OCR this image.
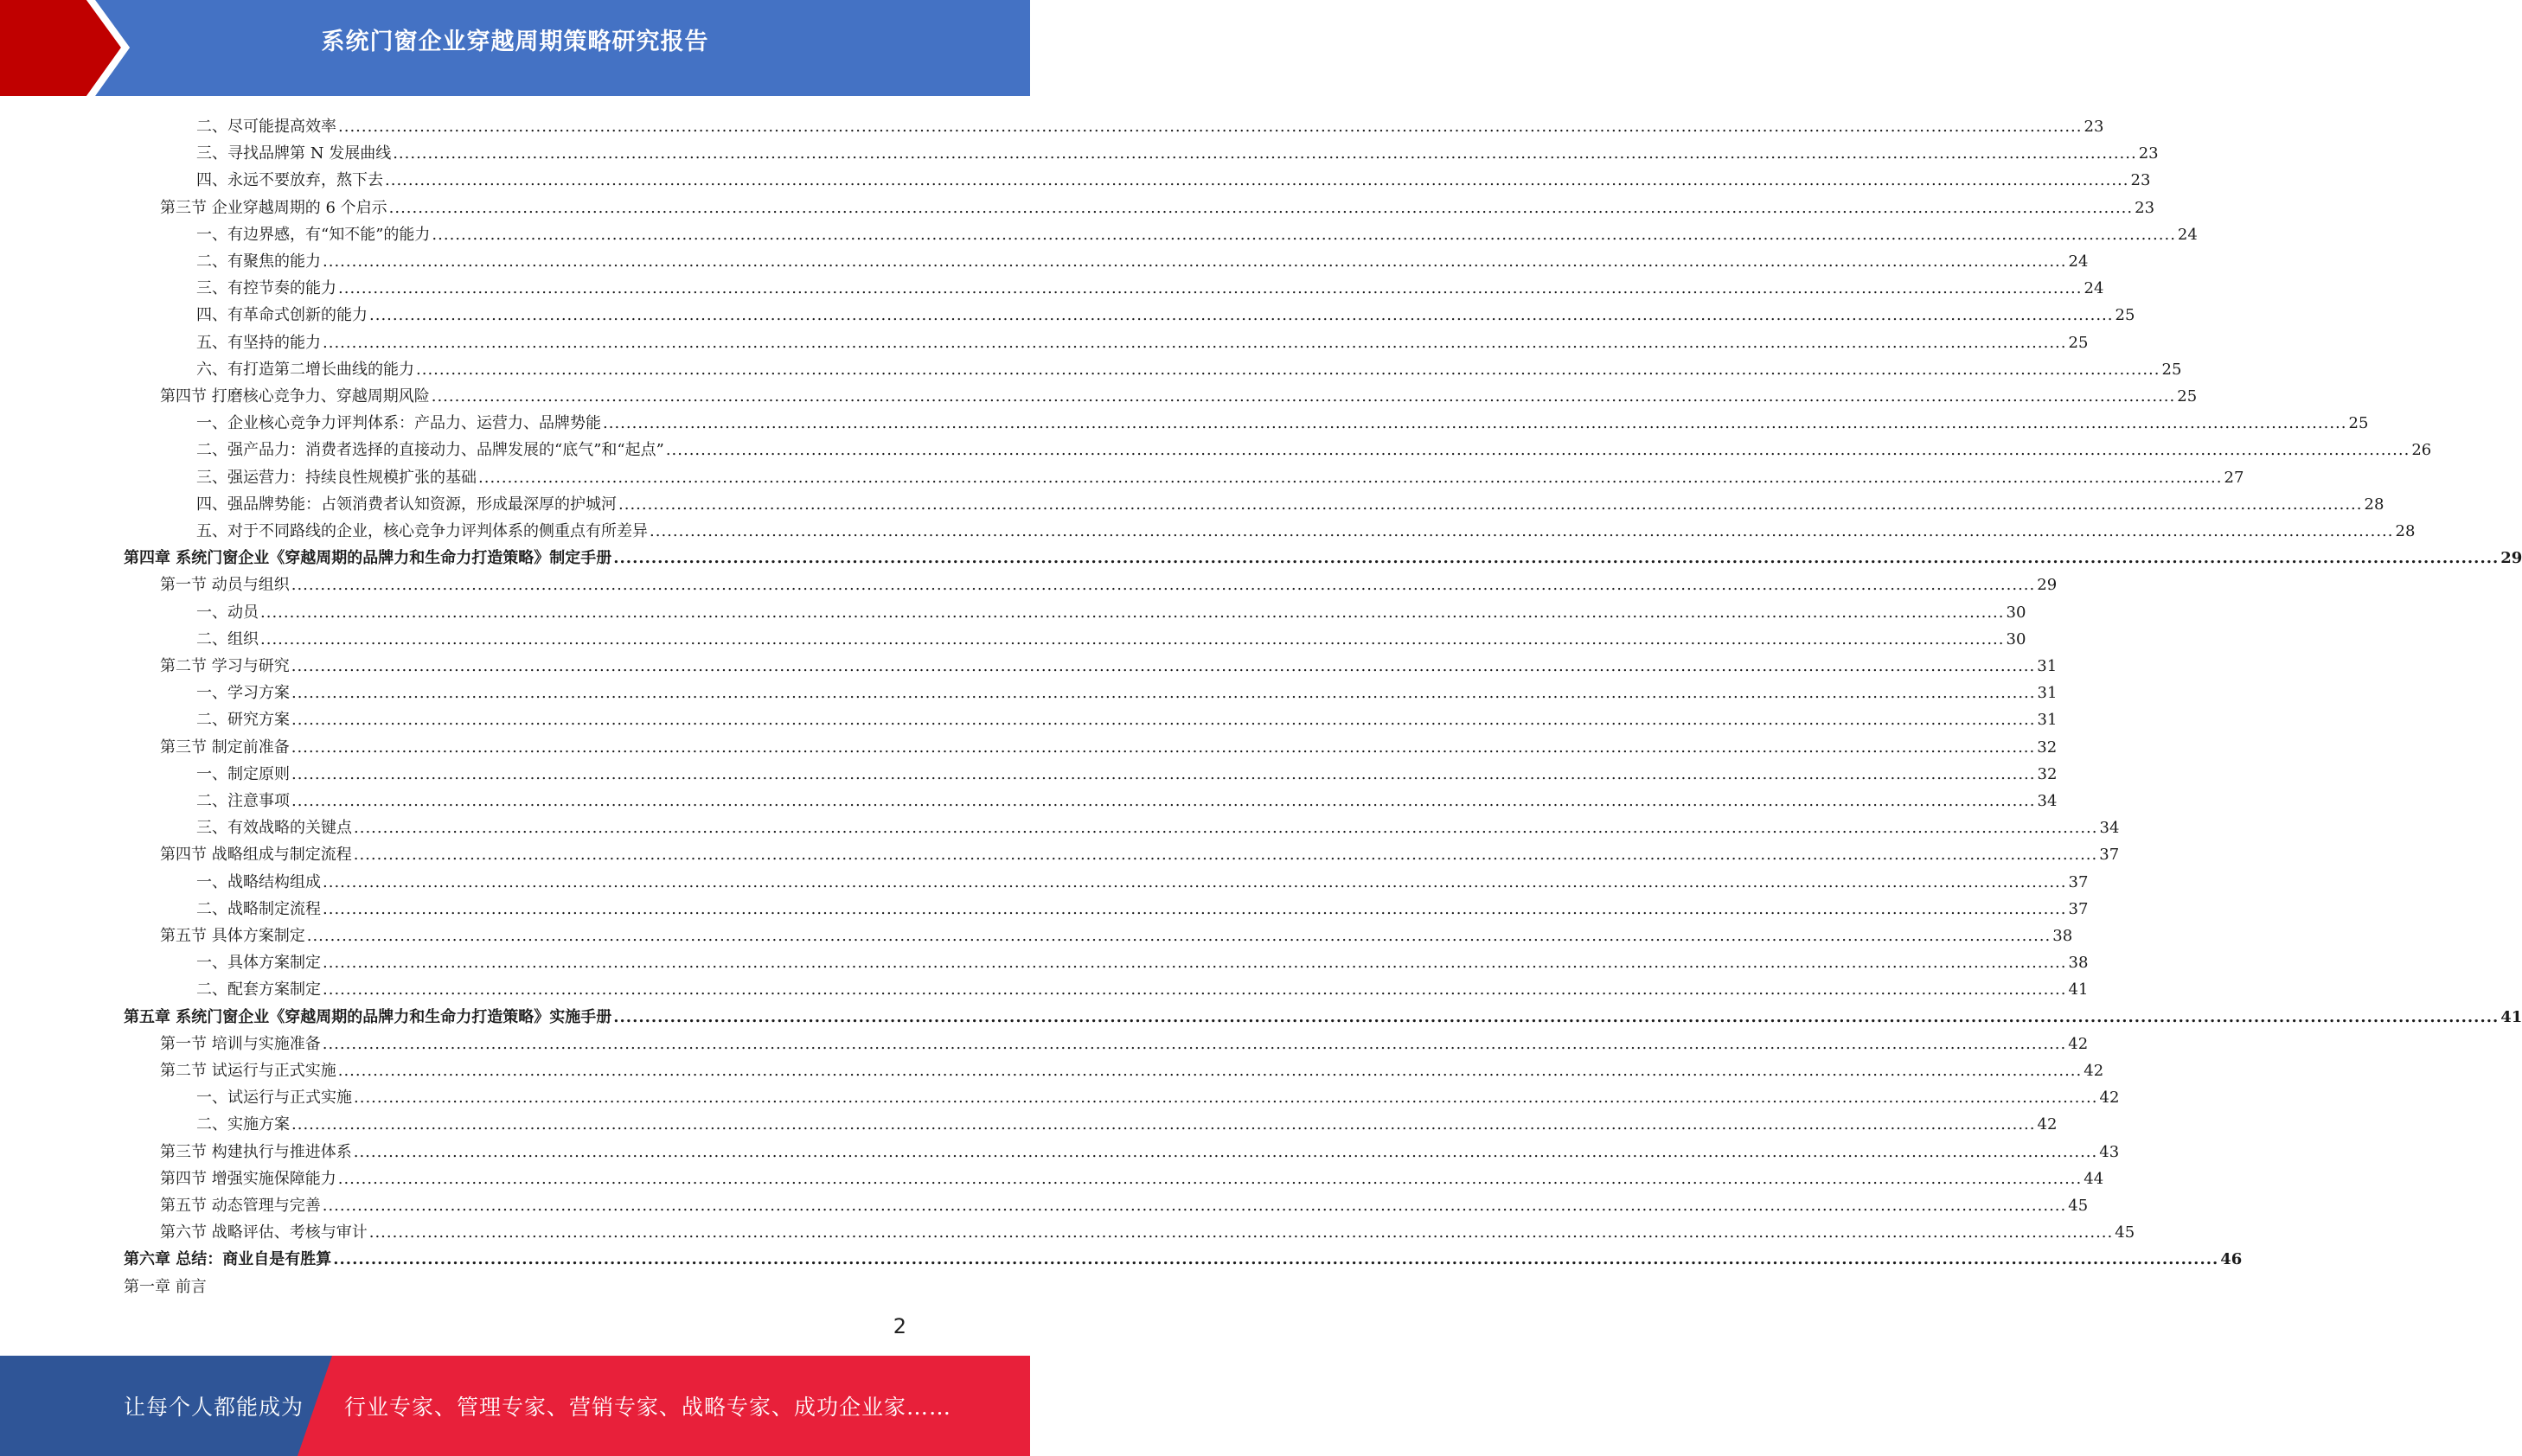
系统门窗企业穿越周期策略研究报告
二、尽可能提高效率 ............................................................................................................................................................................................................................................................................................................ 23
三、寻找品牌第 N 发展曲线 ............................................................................................................................................................................................................................................................................................................ 23
四、永远不要放弃，熬下去 ............................................................................................................................................................................................................................................................................................................ 23
第三节 企业穿越周期的 6 个启示 ............................................................................................................................................................................................................................................................................................................ 23
一、有边界感，有“知不能”的能力 ............................................................................................................................................................................................................................................................................................................ 24
二、有聚焦的能力 ............................................................................................................................................................................................................................................................................................................ 24
三、有控节奏的能力 ............................................................................................................................................................................................................................................................................................................ 24
四、有革命式创新的能力 ............................................................................................................................................................................................................................................................................................................ 25
五、有坚持的能力 ............................................................................................................................................................................................................................................................................................................ 25
六、有打造第二增长曲线的能力 ............................................................................................................................................................................................................................................................................................................ 25
第四节 打磨核心竞争力、穿越周期风险 ............................................................................................................................................................................................................................................................................................................ 25
一、企业核心竞争力评判体系：产品力、运营力、品牌势能 ............................................................................................................................................................................................................................................................................................................ 25
二、强产品力：消费者选择的直接动力、品牌发展的“底气”和“起点” ............................................................................................................................................................................................................................................................................................................ 26
三、强运营力：持续良性规模扩张的基础 ............................................................................................................................................................................................................................................................................................................ 27
四、强品牌势能：占领消费者认知资源，形成最深厚的护城河 ............................................................................................................................................................................................................................................................................................................ 28
五、对于不同路线的企业，核心竞争力评判体系的侧重点有所差异 ............................................................................................................................................................................................................................................................................................................ 28
第四章 系统门窗企业《穿越周期的品牌力和生命力打造策略》制定手册 ............................................................................................................................................................................................................................................................................................................ 29
第一节 动员与组织 ............................................................................................................................................................................................................................................................................................................ 29
一、动员 ............................................................................................................................................................................................................................................................................................................ 30
二、组织 ............................................................................................................................................................................................................................................................................................................ 30
第二节 学习与研究 ............................................................................................................................................................................................................................................................................................................ 31
一、学习方案 ............................................................................................................................................................................................................................................................................................................ 31
二、研究方案 ............................................................................................................................................................................................................................................................................................................ 31
第三节 制定前准备 ............................................................................................................................................................................................................................................................................................................ 32
一、制定原则 ............................................................................................................................................................................................................................................................................................................ 32
二、注意事项 ............................................................................................................................................................................................................................................................................................................ 34
三、有效战略的关键点 ............................................................................................................................................................................................................................................................................................................ 34
第四节 战略组成与制定流程 ............................................................................................................................................................................................................................................................................................................ 37
一、战略结构组成 ............................................................................................................................................................................................................................................................................................................ 37
二、战略制定流程 ............................................................................................................................................................................................................................................................................................................ 37
第五节 具体方案制定 ............................................................................................................................................................................................................................................................................................................ 38
一、具体方案制定 ............................................................................................................................................................................................................................................................................................................ 38
二、配套方案制定 ............................................................................................................................................................................................................................................................................................................ 41
第五章 系统门窗企业《穿越周期的品牌力和生命力打造策略》实施手册 ............................................................................................................................................................................................................................................................................................................ 41
第一节 培训与实施准备 ............................................................................................................................................................................................................................................................................................................ 42
第二节 试运行与正式实施 ............................................................................................................................................................................................................................................................................................................ 42
一、试运行与正式实施 ............................................................................................................................................................................................................................................................................................................ 42
二、实施方案 ............................................................................................................................................................................................................................................................................................................ 42
第三节 构建执行与推进体系 ............................................................................................................................................................................................................................................................................................................ 43
第四节 增强实施保障能力 ............................................................................................................................................................................................................................................................................................................ 44
第五节 动态管理与完善 ............................................................................................................................................................................................................................................................................................................ 45
第六节 战略评估、考核与审计 ............................................................................................................................................................................................................................................................................................................ 45
第六章 总结：商业自是有胜算 ............................................................................................................................................................................................................................................................................................................ 46
第一章 前言
2
让每个人都能成为 行业专家、管理专家、营销专家、战略专家、成功企业家……
